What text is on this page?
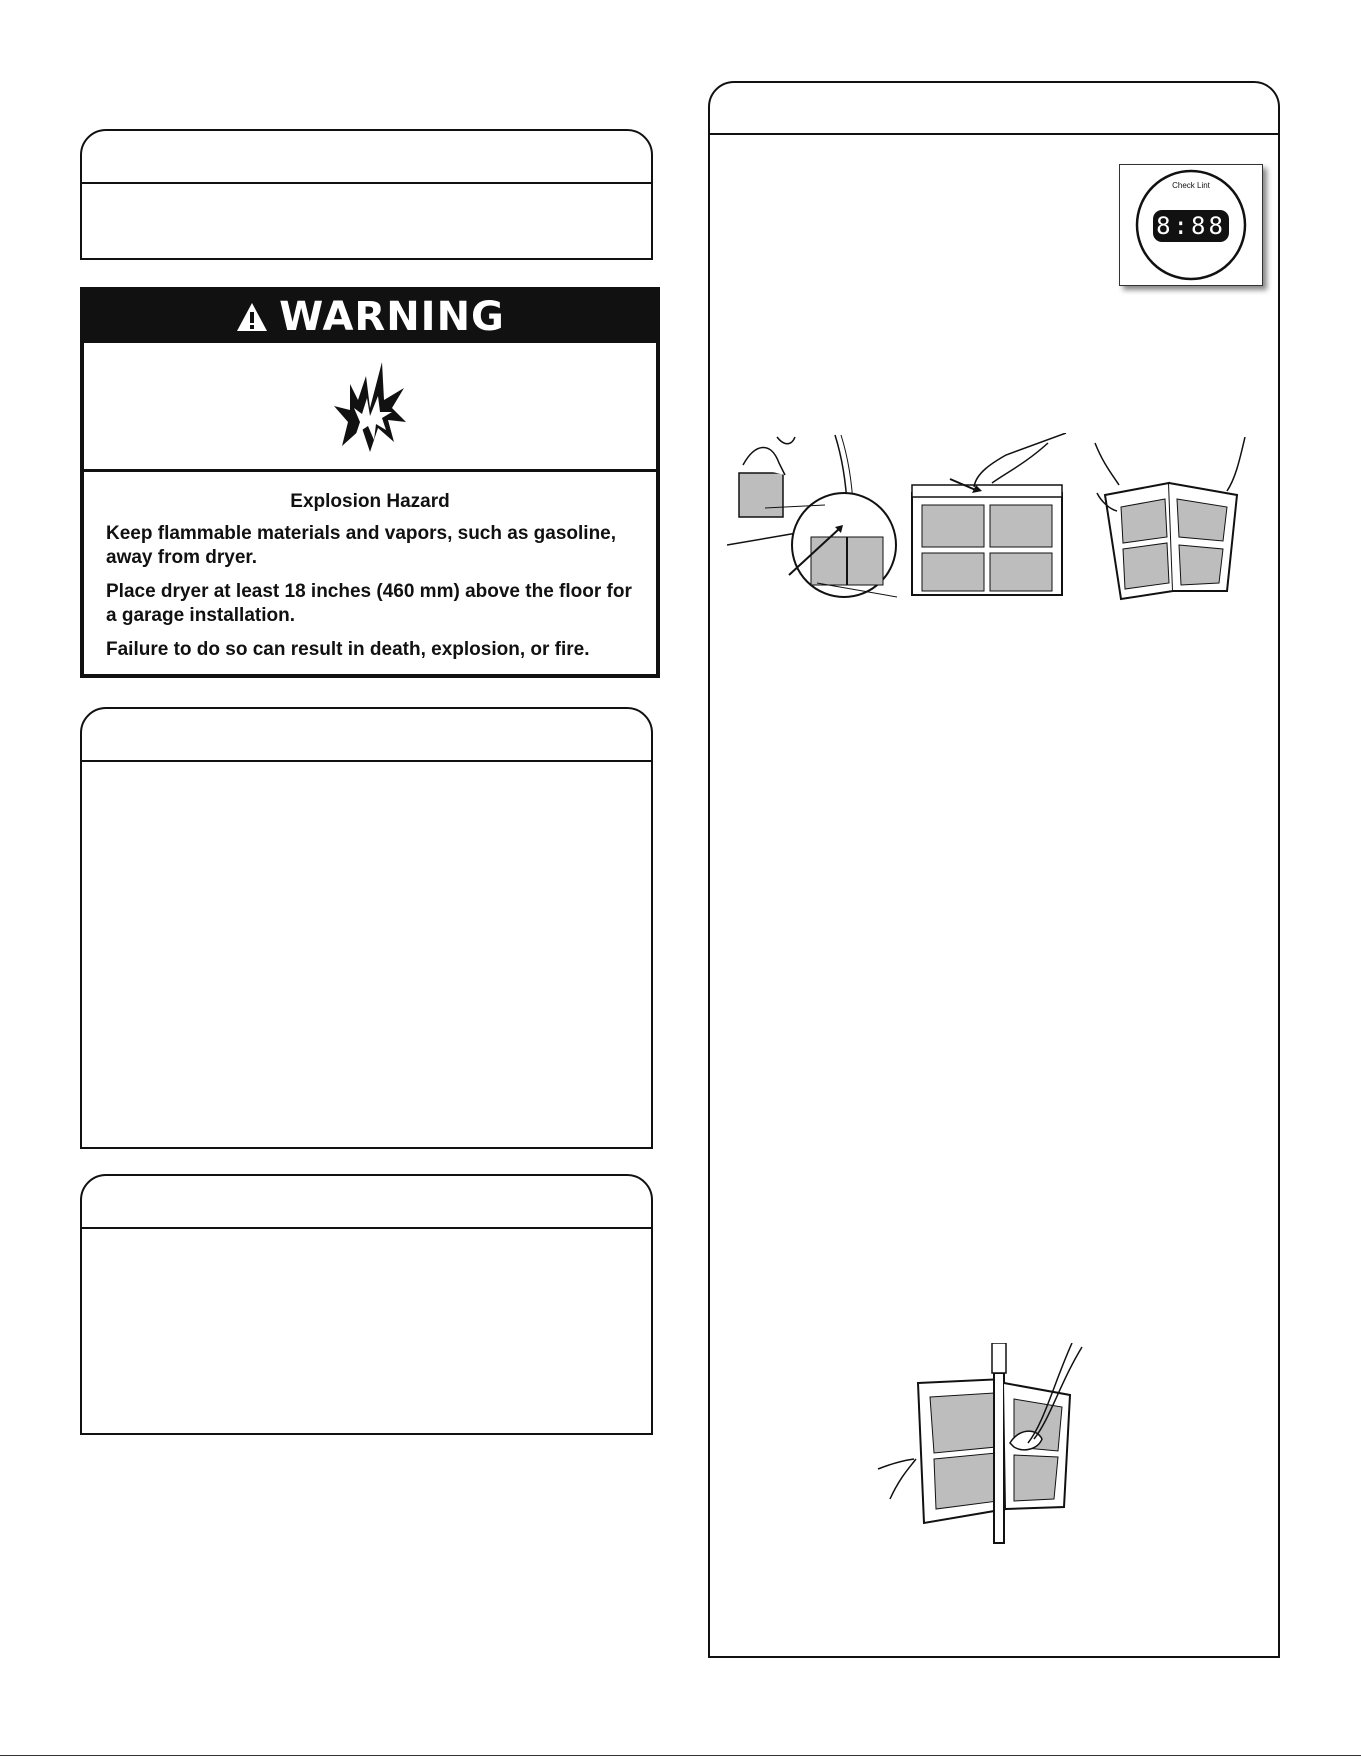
WARNING
Explosion Hazard

Keep flammable materials and vapors, such as gasoline, away from dryer.

Place dryer at least 18 inches (460 mm) above the floor for a garage installation.

Failure to do so can result in death, explosion, or fire.

Check Lint
8:88
